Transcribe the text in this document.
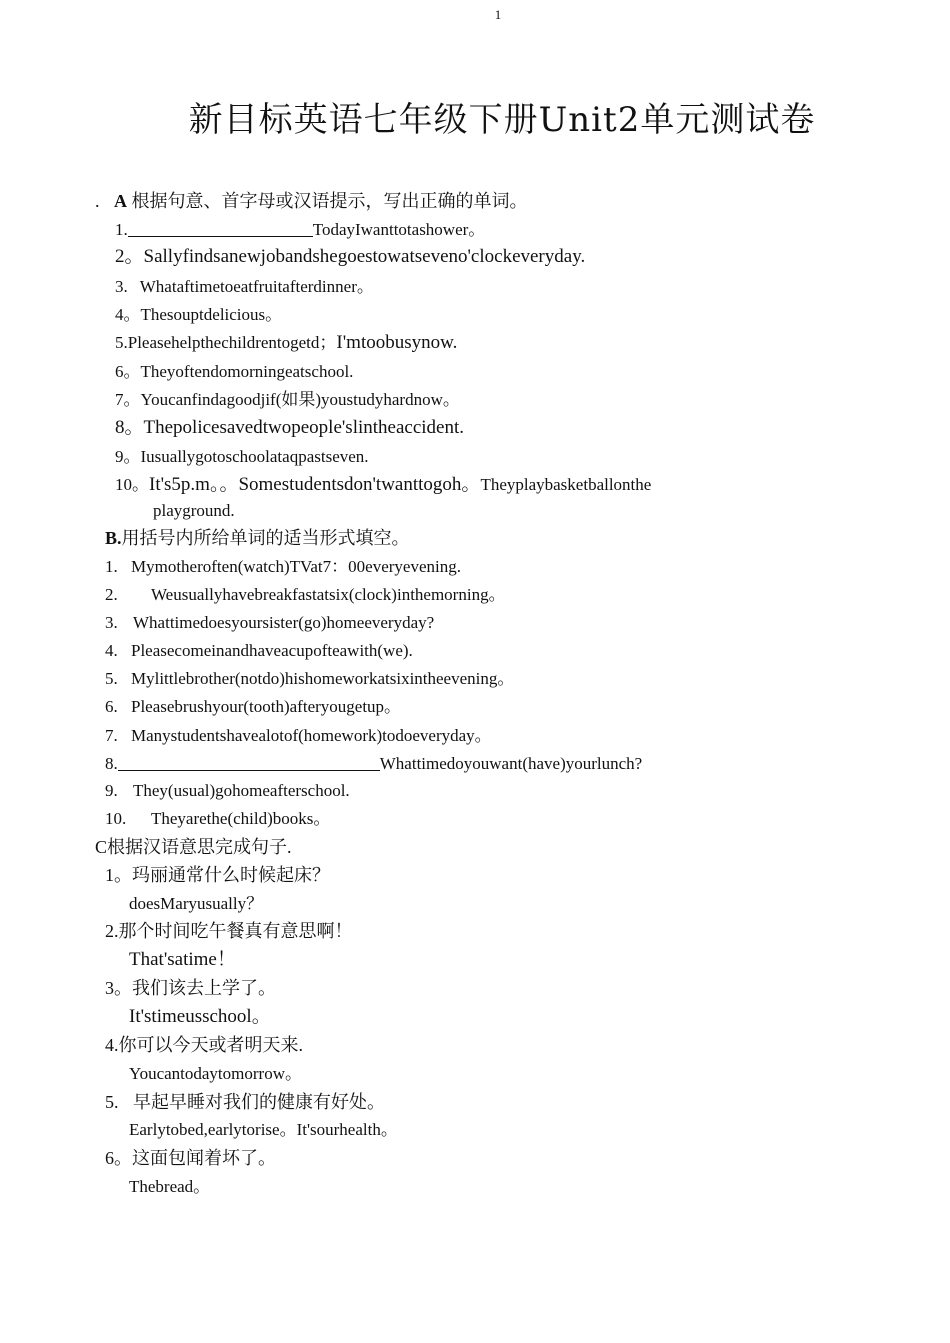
1
新目标英语七年级下册Unit2单元测试卷
. A 根据句意、首字母或汉语提示，写出正确的单词。
1.	TodayIwanttotashower。
2。Sallyfindsanewjobandshegoestowatseveno'clockeveryday.
3. Whataftimetoeatfruitafterdinner。
4。Thesouptdelicious。
5.Pleasehelpthechildrentogetd；I'mtoobusynow.
6。Theyoftendomorningeatschool.
7。Youcanfindagoodjif(如果)youstudyhardnow。
8。Thepolicesavedtwopeople'slintheaccident.
9。Iusuallygotoschoolataqpastseven.
10。It's5p.m。。Somestudentsdon'twanttogoh。Theyplaybasketballonthe
playground.
B.用括号内所给单词的适当形式填空。
1. Mymotheroften(watch)TVat7：00everyevening.
2. Weusuallyhavebreakfastatsix(clock)inthemorning。
3. Whattimedoesyoursister(go)homeeveryday?
4. Pleasecomeinandhaveacupofteawith(we).
5. Mylittlebrother(notdo)hishomeworkatsixintheevening。
6. Pleasebrushyour(tooth)afteryougetup。
7. Manystudentshavealotof(homework)todoeveryday。
8.	Whattimedoyouwant(have)yourlunch?
9. They(usual)gohomeafterschool.
10. Theyarethe(child)books。
C根据汉语意思完成句子.
1。玛丽通常什么时候起床？
doesMaryusually？
2.那个时间吃午餐真有意思啊！
That'satime！
3。我们该去上学了。
It'stimeusschool。
4.你可以今天或者明天来.
Youcantodaytomorrow。
5. 早起早睡对我们的健康有好处。
Earlytobed,earlytorise。It'sourhealth。
6。这面包闻着坏了。
Thebread。
